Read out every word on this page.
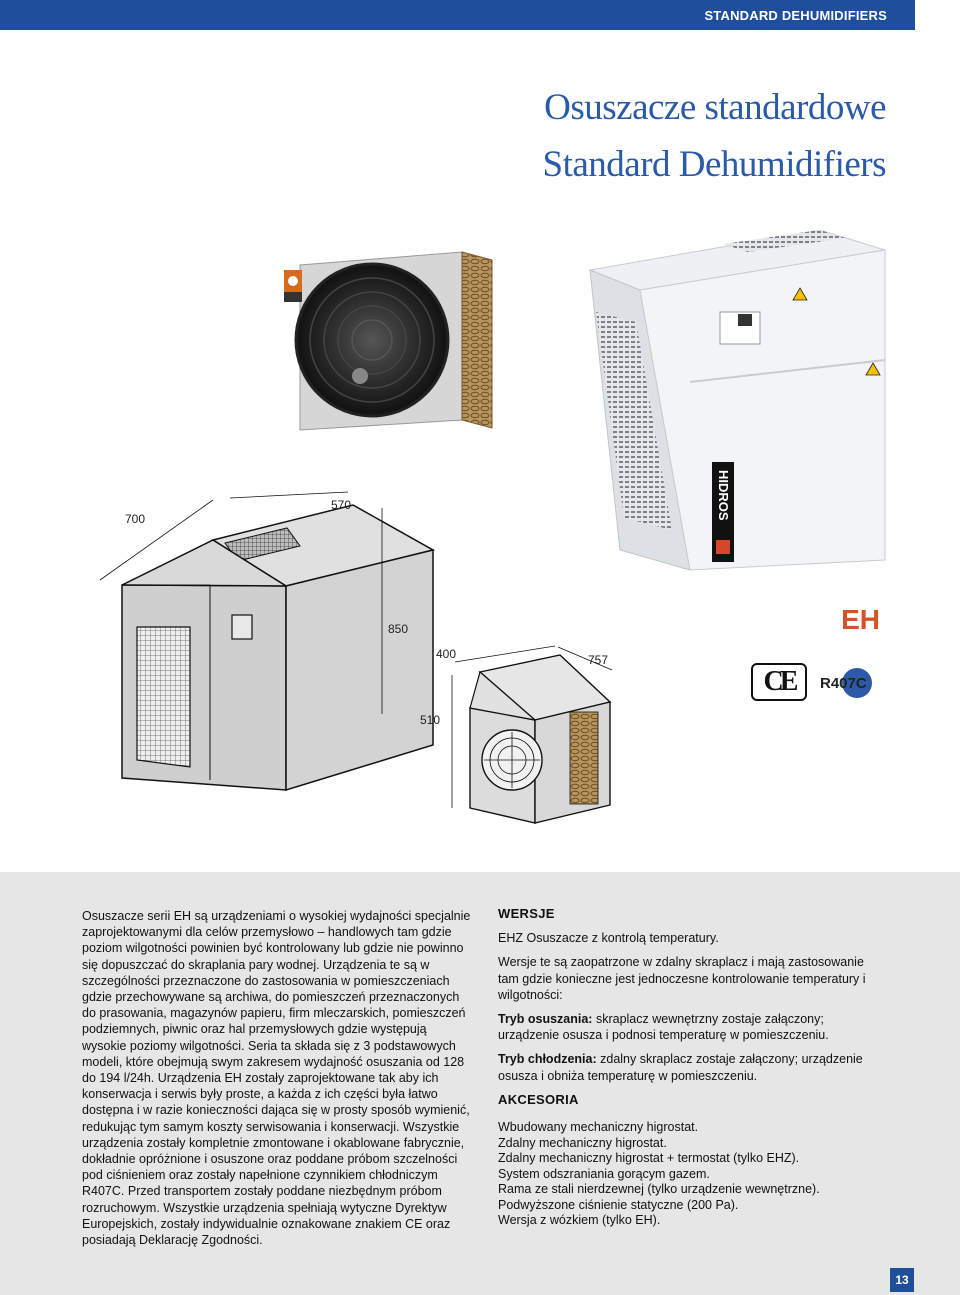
STANDARD DEHUMIDIFIERS
Osuszacze standardowe
Standard Dehumidifiers
HIDROS
700
570
850
400	757
510
EH
CE	R407C

Osuszacze serii EH są urządzeniami o wysokiej wydajności specjalnie zaprojektowanymi dla celów przemysłowo – handlowych tam gdzie poziom wilgotności powinien być kontrolowany lub gdzie nie powinno się dopuszczać do skraplania pary wodnej. Urządzenia te są w szczególności przeznaczone do zastosowania w pomieszczeniach gdzie przechowywane są archiwa, do pomieszczeń przeznaczonych do prasowania, magazynów papieru, firm mleczarskich, pomieszczeń podziemnych, piwnic oraz hal przemysłowych gdzie występują wysokie poziomy wilgotności. Seria ta składa się z 3 podstawowych modeli, które obejmują swym zakresem wydajność osuszania od 128 do 194 l/24h. Urządzenia EH zostały zaprojektowane tak aby ich konserwacja i serwis były proste, a każda z ich części była łatwo dostępna i w razie konieczności dająca się w prosty sposób wymienić, redukując tym samym koszty serwisowania i konserwacji. Wszystkie urządzenia zostały kompletnie zmontowane i okablowane fabrycznie, dokładnie opróżnione i osuszone oraz poddane próbom szczelności pod ciśnieniem oraz zostały napełnione czynnikiem chłodniczym R407C. Przed transportem zostały poddane niezbędnym próbom rozruchowym. Wszystkie urządzenia spełniają wytyczne Dyrektyw Europejskich, zostały indywidualnie oznakowane znakiem CE oraz posiadają Deklarację Zgodności.

WERSJE

EHZ Osuszacze z kontrolą temperatury.

Wersje te są zaopatrzone w zdalny skraplacz i mają zastosowanie tam gdzie konieczne jest jednoczesne kontrolowanie temperatury i wilgotności:

Tryb osuszania: skraplacz wewnętrzny zostaje załączony; urządzenie osusza i podnosi temperaturę w pomieszczeniu.

Tryb chłodzenia: zdalny skraplacz zostaje załączony; urządzenie osusza i obniża temperaturę w pomieszczeniu.

AKCESORIA
Wbudowany mechaniczny higrostat.
Zdalny mechaniczny higrostat.
Zdalny mechaniczny higrostat + termostat (tylko EHZ).
System odszraniania gorącym gazem.
Rama ze stali nierdzewnej (tylko urządzenie wewnętrzne).
Podwyższone ciśnienie statyczne (200 Pa).
Wersja z wózkiem (tylko EH).
13
